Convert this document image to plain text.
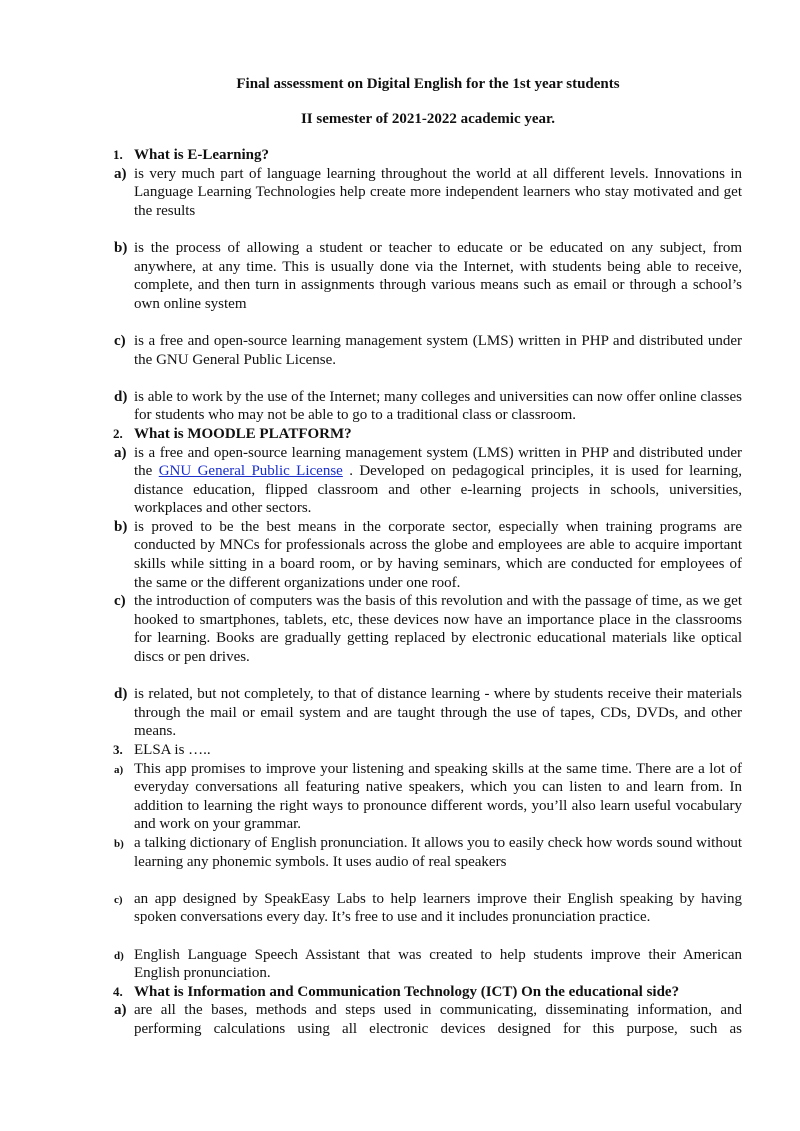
Final assessment on Digital English for the 1st year students
II semester of 2021-2022 academic year.
1. What is E-Learning?
a) is very much part of language learning throughout the world at all different levels. Innovations in Language Learning Technologies help create more independent learners who stay motivated and get the results
b) is the process of allowing a student or teacher to educate or be educated on any subject, from anywhere, at any time. This is usually done via the Internet, with students being able to receive, complete, and then turn in assignments through various means such as email or through a school’s own online system
c) is a free and open-source learning management system (LMS) written in PHP and distributed under the GNU General Public License.
d) is able to work by the use of the Internet; many colleges and universities can now offer online classes for students who may not be able to go to a traditional class or classroom.
2. What is MOODLE PLATFORM?
a) is a free and open-source learning management system (LMS) written in PHP and distributed under the GNU General Public License . Developed on pedagogical principles, it is used for learning, distance education, flipped classroom and other e-learning projects in schools, universities, workplaces and other sectors.
b) is proved to be the best means in the corporate sector, especially when training programs are conducted by MNCs for professionals across the globe and employees are able to acquire important skills while sitting in a board room, or by having seminars, which are conducted for employees of the same or the different organizations under one roof.
c) the introduction of computers was the basis of this revolution and with the passage of time, as we get hooked to smartphones, tablets, etc, these devices now have an importance place in the classrooms for learning. Books are gradually getting replaced by electronic educational materials like optical discs or pen drives.
d) is related, but not completely, to that of distance learning - where by students receive their materials through the mail or email system and are taught through the use of tapes, CDs, DVDs, and other means.
3. ELSA is …..
a) This app promises to improve your listening and speaking skills at the same time. There are a lot of everyday conversations all featuring native speakers, which you can listen to and learn from. In addition to learning the right ways to pronounce different words, you’ll also learn useful vocabulary and work on your grammar.
b) a talking dictionary of English pronunciation. It allows you to easily check how words sound without learning any phonemic symbols. It uses audio of real speakers
c) an app designed by SpeakEasy Labs to help learners improve their English speaking by having spoken conversations every day. It’s free to use and it includes pronunciation practice.
d) English Language Speech Assistant that was created to help students improve their American English pronunciation.
4. What is Information and Communication Technology (ICT) On the educational side?
a) are all the bases, methods and steps used in communicating, disseminating information, and performing calculations using all electronic devices designed for this purpose, such as
